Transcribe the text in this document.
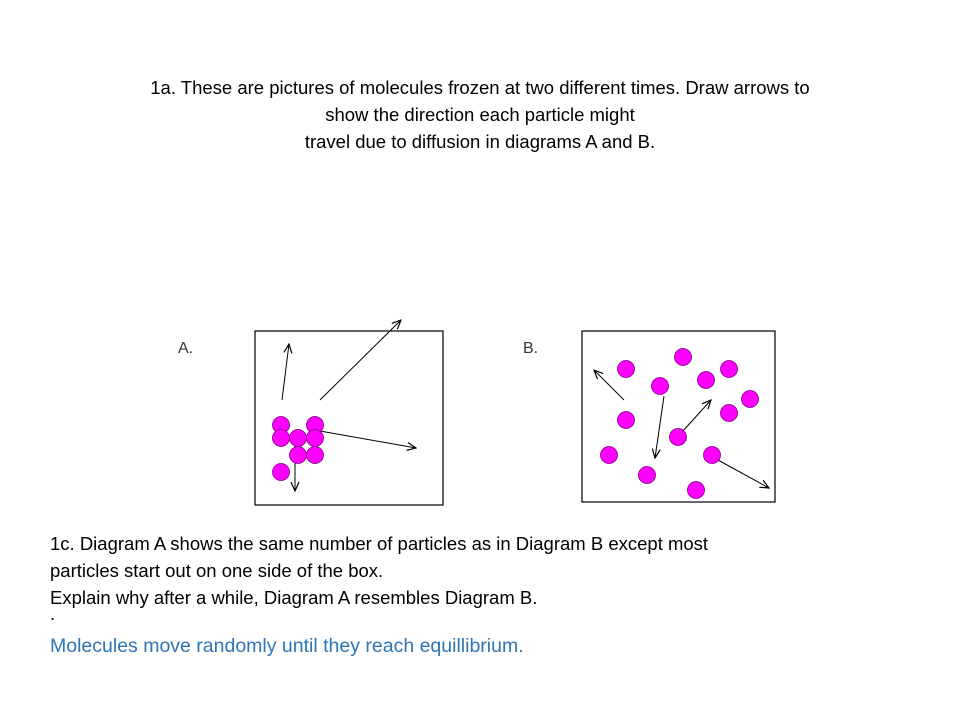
1a. These are pictures of molecules frozen at two different times. Draw arrows to
show the direction each particle might
travel due to diffusion in diagrams A and B.
A.	B.
1c. Diagram A shows the same number of particles as in Diagram B except most
particles start out on one side of the box.
Explain why after a while, Diagram A resembles Diagram B.
.
Molecules move randomly until they reach equillibrium.
